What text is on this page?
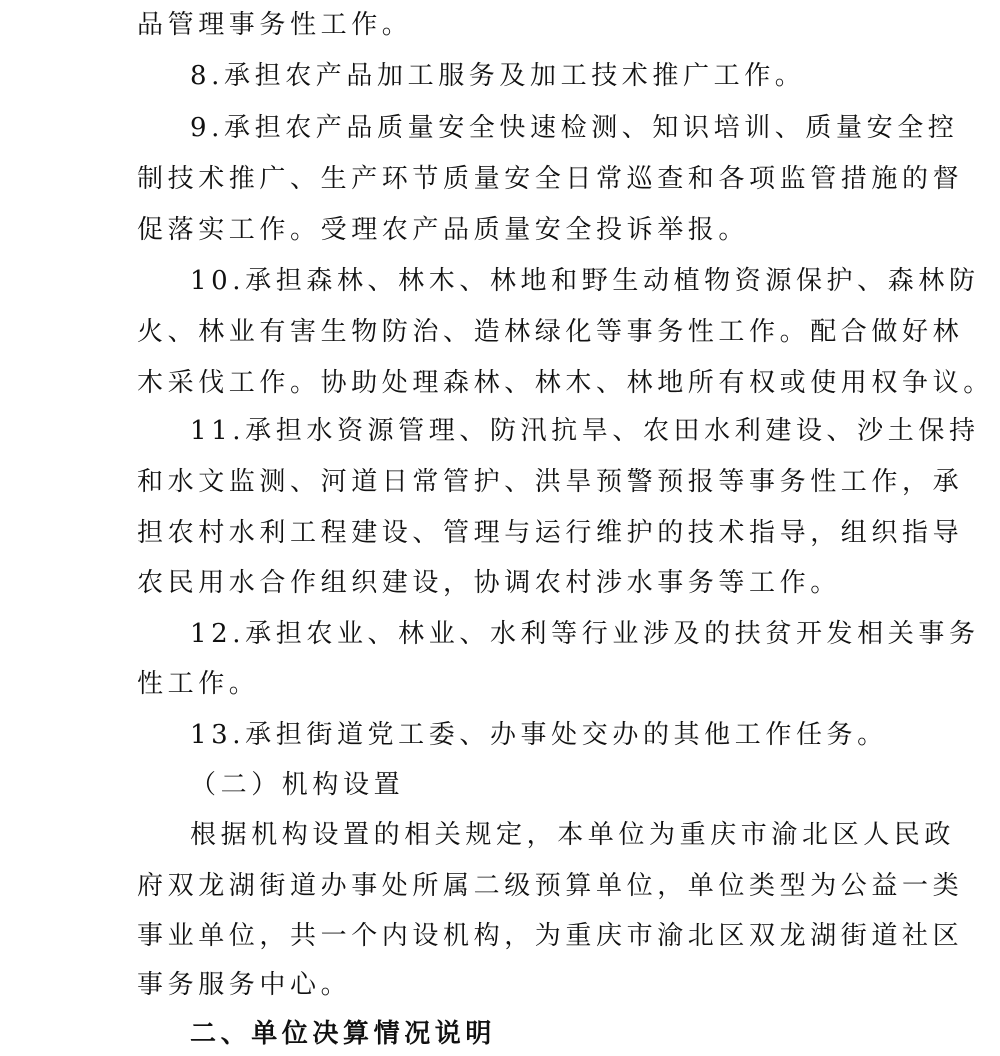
品管理事务性工作。
8.承担农产品加工服务及加工技术推广工作。
9.承担农产品质量安全快速检测、知识培训、质量安全控
制技术推广、生产环节质量安全日常巡查和各项监管措施的督
促落实工作。受理农产品质量安全投诉举报。
10.承担森林、林木、林地和野生动植物资源保护、森林防
火、林业有害生物防治、造林绿化等事务性工作。配合做好林
木采伐工作。协助处理森林、林木、林地所有权或使用权争议。
11.承担水资源管理、防汛抗旱、农田水利建设、沙土保持
和水文监测、河道日常管护、洪旱预警预报等事务性工作，承
担农村水利工程建设、管理与运行维护的技术指导，组织指导
农民用水合作组织建设，协调农村涉水事务等工作。
12.承担农业、林业、水利等行业涉及的扶贫开发相关事务
性工作。
13.承担街道党工委、办事处交办的其他工作任务。
（二）机构设置
根据机构设置的相关规定，本单位为重庆市渝北区人民政
府双龙湖街道办事处所属二级预算单位，单位类型为公益一类
事业单位，共一个内设机构，为重庆市渝北区双龙湖街道社区
事务服务中心。
二、单位决算情况说明
